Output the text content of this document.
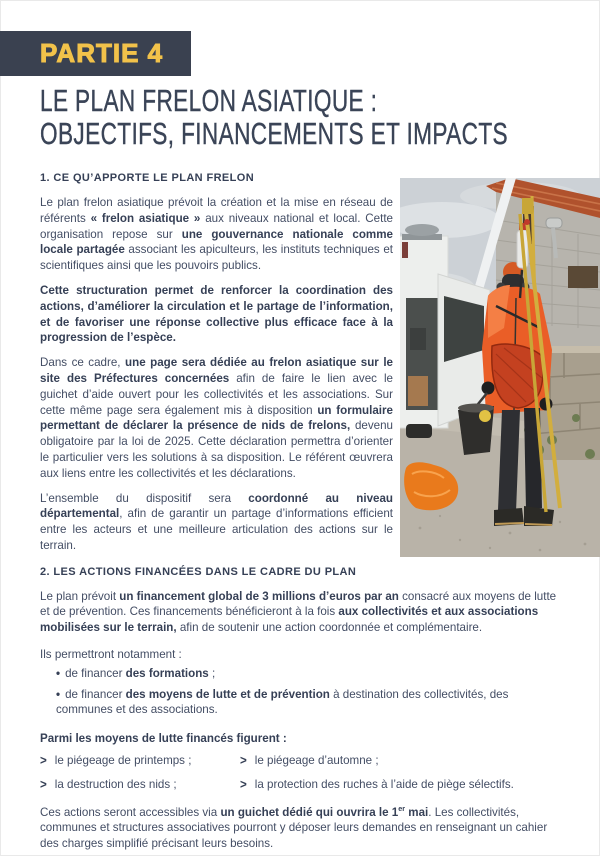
PARTIE 4
LE PLAN FRELON ASIATIQUE :
OBJECTIFS, FINANCEMENTS ET IMPACTS
1. CE QU’APPORTE LE PLAN FRELON

Le plan frelon asiatique prévoit la création et la mise en réseau de référents « frelon asiatique » aux niveaux national et local. Cette organisation repose sur une gouvernance nationale comme locale partagée associant les apiculteurs, les instituts techniques et scientifiques ainsi que les pouvoirs publics.

Cette structuration permet de renforcer la coordination des actions, d’améliorer la circulation et le partage de l’information, et de favoriser une réponse collective plus efficace face à la progression de l’espèce.

Dans ce cadre, une page sera dédiée au frelon asiatique sur le site des Préfectures concernées afin de faire le lien avec le guichet d’aide ouvert pour les collectivités et les associations. Sur cette même page sera également mis à disposition un formulaire permettant de déclarer la présence de nids de frelons, devenu obligatoire par la loi de 2025. Cette déclaration permettra d’orienter le particulier vers les solutions à sa disposition. Le référent œuvrera aux liens entre les collectivités et les déclarations.

L’ensemble du dispositif sera coordonné au niveau départemental, afin de garantir un partage d’informations efficient entre les acteurs et une meilleure articulation des actions sur le terrain.

2. LES ACTIONS FINANCÉES DANS LE CADRE DU PLAN

Le plan prévoit un financement global de 3 millions d’euros par an consacré aux moyens de lutte et de prévention. Ces financements bénéficieront à la fois aux collectivités et aux associations mobilisées sur le terrain, afin de soutenir une action coordonnée et complémentaire.

Ils permettront notamment :

• de financer des formations ;
• de financer des moyens de lutte et de prévention à destination des collectivités, des communes et des associations.

Parmi les moyens de lutte financés figurent :

> le piégeage de printemps ;	> le piégeage d’automne ;
> la destruction des nids ;	> la protection des ruches à l’aide de piège sélectifs.

Ces actions seront accessibles via un guichet dédié qui ouvrira le 1er mai. Les collectivités, communes et structures associatives pourront y déposer leurs demandes en renseignant un cahier des charges simplifié précisant leurs besoins.
